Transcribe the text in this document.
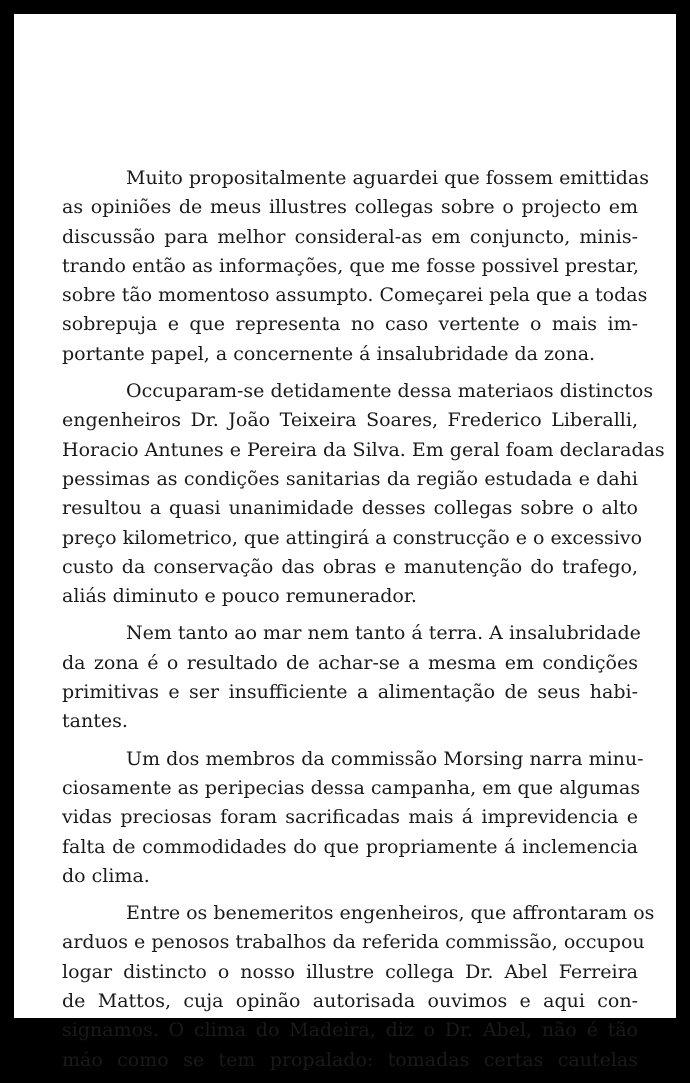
Muito propositalmente aguardei que fossem emittidas
as opiniões de meus illustres collegas sobre o projecto em
discussão para melhor consideral-as em conjuncto, minis-
trando então as informações, que me fosse possivel prestar,
sobre tão momentoso assumpto. Começarei pela que a todas
sobrepuja e que representa no caso vertente o mais im-
portante papel, a concernente á insalubridade da zona.
Occuparam-se detidamente dessa materiaos distinctos
engenheiros Dr. João Teixeira Soares, Frederico Liberalli,
Horacio Antunes e Pereira da Silva. Em geral foam declaradas
pessimas as condições sanitarias da região estudada e dahi
resultou a quasi unanimidade desses collegas sobre o alto
preço kilometrico, que attingirá a construcção e o excessivo
custo da conservação das obras e manutenção do trafego,
aliás diminuto e pouco remunerador.
Nem tanto ao mar nem tanto á terra. A insalubridade
da zona é o resultado de achar-se a mesma em condições
primitivas e ser insufficiente a alimentação de seus habi-
tantes.
Um dos membros da commissão Morsing narra minu-
ciosamente as peripecias dessa campanha, em que algumas
vidas preciosas foram sacrificadas mais á imprevidencia e
falta de commodidades do que propriamente á inclemencia
do clima.
Entre os benemeritos engenheiros, que affrontaram os
arduos e penosos trabalhos da referida commissão, occupou
logar distincto o nosso illustre collega Dr. Abel Ferreira
de Mattos, cuja opinão autorisada ouvimos e aqui con-
signamos. O clima do Madeira, diz o Dr. Abel, não é tão
máo como se tem propalado: tomadas certas cautelas
